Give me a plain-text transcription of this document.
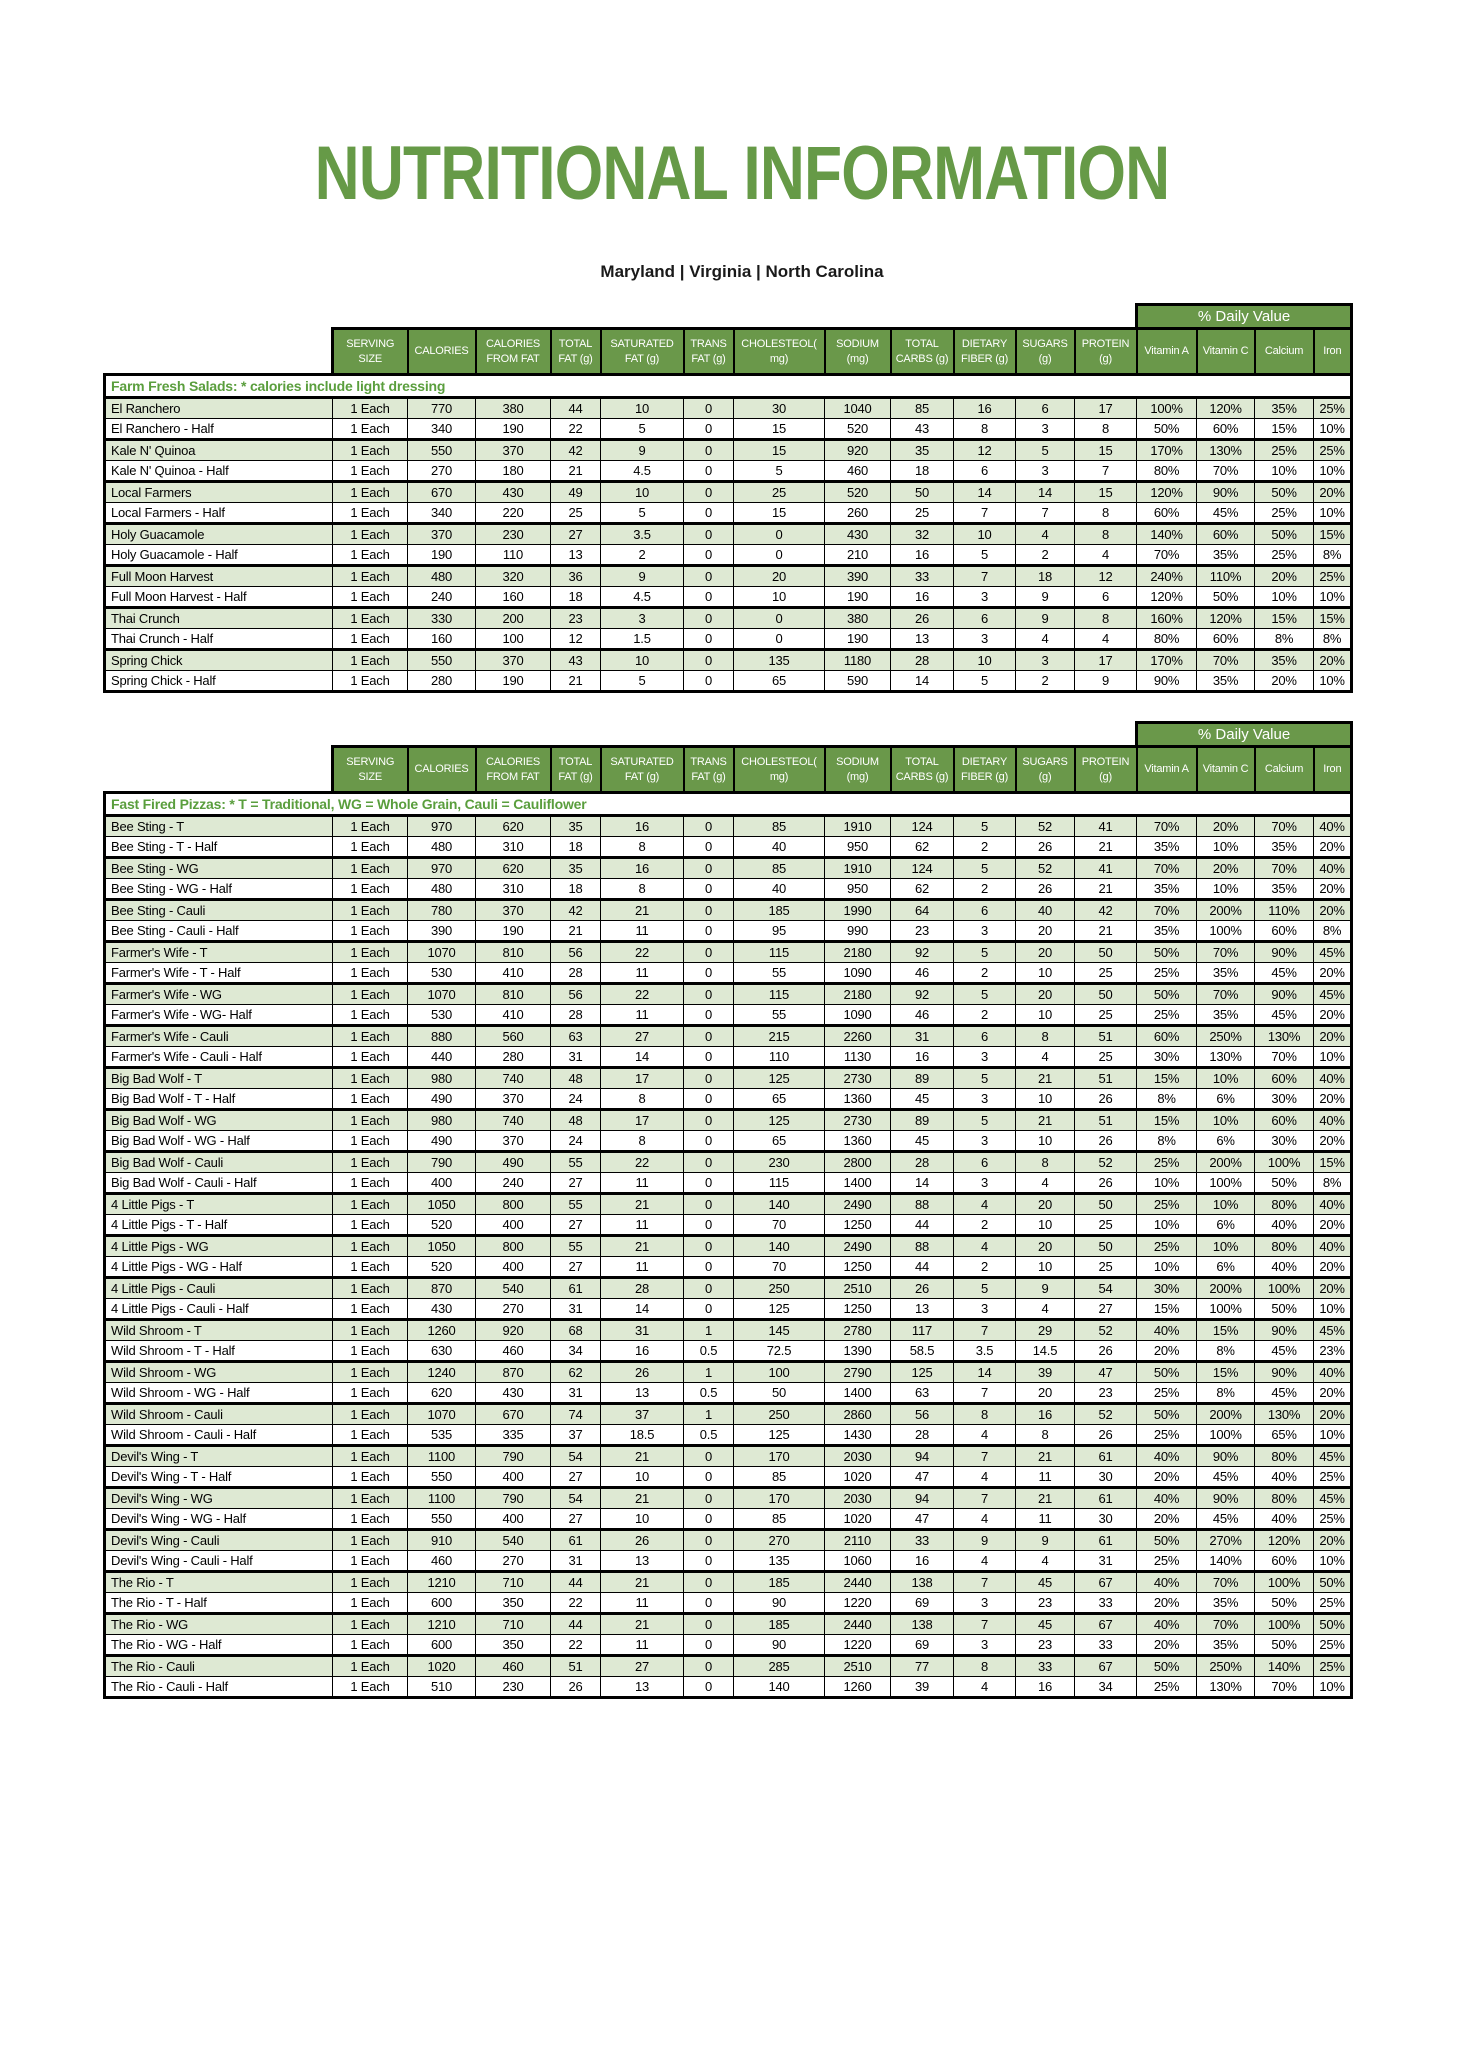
NUTRITIONAL INFORMATION
Maryland | Virginia | North Carolina
													% Daily Value			
	SERVING SIZE	CALORIES	CALORIES FROM FAT	TOTAL FAT (g)	SATURATED FAT (g)	TRANS FAT (g)	CHOLESTEOL( mg)	SODIUM (mg)	TOTAL CARBS (g)	DIETARY FIBER (g)	SUGARS (g)	PROTEIN (g)	Vitamin A	Vitamin C	Calcium	Iron
Farm Fresh Salads: * calories include light dressing																
El Ranchero	1 Each	770	380	44	10	0	30	1040	85	16	6	17	100%	120%	35%	25%
El Ranchero - Half	1 Each	340	190	22	5	0	15	520	43	8	3	8	50%	60%	15%	10%
Kale N' Quinoa	1 Each	550	370	42	9	0	15	920	35	12	5	15	170%	130%	25%	25%
Kale N' Quinoa - Half	1 Each	270	180	21	4.5	0	5	460	18	6	3	7	80%	70%	10%	10%
Local Farmers	1 Each	670	430	49	10	0	25	520	50	14	14	15	120%	90%	50%	20%
Local Farmers - Half	1 Each	340	220	25	5	0	15	260	25	7	7	8	60%	45%	25%	10%
Holy Guacamole	1 Each	370	230	27	3.5	0	0	430	32	10	4	8	140%	60%	50%	15%
Holy Guacamole - Half	1 Each	190	110	13	2	0	0	210	16	5	2	4	70%	35%	25%	8%
Full Moon Harvest	1 Each	480	320	36	9	0	20	390	33	7	18	12	240%	110%	20%	25%
Full Moon Harvest - Half	1 Each	240	160	18	4.5	0	10	190	16	3	9	6	120%	50%	10%	10%
Thai Crunch	1 Each	330	200	23	3	0	0	380	26	6	9	8	160%	120%	15%	15%
Thai Crunch - Half	1 Each	160	100	12	1.5	0	0	190	13	3	4	4	80%	60%	8%	8%
Spring Chick	1 Each	550	370	43	10	0	135	1180	28	10	3	17	170%	70%	35%	20%
Spring Chick - Half	1 Each	280	190	21	5	0	65	590	14	5	2	9	90%	35%	20%	10%
													% Daily Value			
	SERVING SIZE	CALORIES	CALORIES FROM FAT	TOTAL FAT (g)	SATURATED FAT (g)	TRANS FAT (g)	CHOLESTEOL( mg)	SODIUM (mg)	TOTAL CARBS (g)	DIETARY FIBER (g)	SUGARS (g)	PROTEIN (g)	Vitamin A	Vitamin C	Calcium	Iron
Fast Fired Pizzas: * T = Traditional, WG = Whole Grain, Cauli = Cauliflower																
Bee Sting - T	1 Each	970	620	35	16	0	85	1910	124	5	52	41	70%	20%	70%	40%
Bee Sting - T - Half	1 Each	480	310	18	8	0	40	950	62	2	26	21	35%	10%	35%	20%
Bee Sting - WG	1 Each	970	620	35	16	0	85	1910	124	5	52	41	70%	20%	70%	40%
Bee Sting - WG - Half	1 Each	480	310	18	8	0	40	950	62	2	26	21	35%	10%	35%	20%
Bee Sting - Cauli	1 Each	780	370	42	21	0	185	1990	64	6	40	42	70%	200%	110%	20%
Bee Sting - Cauli - Half	1 Each	390	190	21	11	0	95	990	23	3	20	21	35%	100%	60%	8%
Farmer's Wife - T	1 Each	1070	810	56	22	0	115	2180	92	5	20	50	50%	70%	90%	45%
Farmer's Wife - T - Half	1 Each	530	410	28	11	0	55	1090	46	2	10	25	25%	35%	45%	20%
Farmer's Wife - WG	1 Each	1070	810	56	22	0	115	2180	92	5	20	50	50%	70%	90%	45%
Farmer's Wife - WG- Half	1 Each	530	410	28	11	0	55	1090	46	2	10	25	25%	35%	45%	20%
Farmer's Wife - Cauli	1 Each	880	560	63	27	0	215	2260	31	6	8	51	60%	250%	130%	20%
Farmer's Wife - Cauli - Half	1 Each	440	280	31	14	0	110	1130	16	3	4	25	30%	130%	70%	10%
Big Bad Wolf - T	1 Each	980	740	48	17	0	125	2730	89	5	21	51	15%	10%	60%	40%
Big Bad Wolf - T - Half	1 Each	490	370	24	8	0	65	1360	45	3	10	26	8%	6%	30%	20%
Big Bad Wolf - WG	1 Each	980	740	48	17	0	125	2730	89	5	21	51	15%	10%	60%	40%
Big Bad Wolf - WG - Half	1 Each	490	370	24	8	0	65	1360	45	3	10	26	8%	6%	30%	20%
Big Bad Wolf - Cauli	1 Each	790	490	55	22	0	230	2800	28	6	8	52	25%	200%	100%	15%
Big Bad Wolf - Cauli - Half	1 Each	400	240	27	11	0	115	1400	14	3	4	26	10%	100%	50%	8%
4 Little Pigs - T	1 Each	1050	800	55	21	0	140	2490	88	4	20	50	25%	10%	80%	40%
4 Little Pigs - T - Half	1 Each	520	400	27	11	0	70	1250	44	2	10	25	10%	6%	40%	20%
4 Little Pigs - WG	1 Each	1050	800	55	21	0	140	2490	88	4	20	50	25%	10%	80%	40%
4 Little Pigs - WG - Half	1 Each	520	400	27	11	0	70	1250	44	2	10	25	10%	6%	40%	20%
4 Little Pigs - Cauli	1 Each	870	540	61	28	0	250	2510	26	5	9	54	30%	200%	100%	20%
4 Little Pigs - Cauli - Half	1 Each	430	270	31	14	0	125	1250	13	3	4	27	15%	100%	50%	10%
Wild Shroom - T	1 Each	1260	920	68	31	1	145	2780	117	7	29	52	40%	15%	90%	45%
Wild Shroom - T - Half	1 Each	630	460	34	16	0.5	72.5	1390	58.5	3.5	14.5	26	20%	8%	45%	23%
Wild Shroom - WG	1 Each	1240	870	62	26	1	100	2790	125	14	39	47	50%	15%	90%	40%
Wild Shroom - WG - Half	1 Each	620	430	31	13	0.5	50	1400	63	7	20	23	25%	8%	45%	20%
Wild Shroom - Cauli	1 Each	1070	670	74	37	1	250	2860	56	8	16	52	50%	200%	130%	20%
Wild Shroom - Cauli - Half	1 Each	535	335	37	18.5	0.5	125	1430	28	4	8	26	25%	100%	65%	10%
Devil's Wing - T	1 Each	1100	790	54	21	0	170	2030	94	7	21	61	40%	90%	80%	45%
Devil's Wing - T - Half	1 Each	550	400	27	10	0	85	1020	47	4	11	30	20%	45%	40%	25%
Devil's Wing - WG	1 Each	1100	790	54	21	0	170	2030	94	7	21	61	40%	90%	80%	45%
Devil's Wing - WG - Half	1 Each	550	400	27	10	0	85	1020	47	4	11	30	20%	45%	40%	25%
Devil's Wing - Cauli	1 Each	910	540	61	26	0	270	2110	33	9	9	61	50%	270%	120%	20%
Devil's Wing - Cauli - Half	1 Each	460	270	31	13	0	135	1060	16	4	4	31	25%	140%	60%	10%
The Rio - T	1 Each	1210	710	44	21	0	185	2440	138	7	45	67	40%	70%	100%	50%
The Rio - T - Half	1 Each	600	350	22	11	0	90	1220	69	3	23	33	20%	35%	50%	25%
The Rio - WG	1 Each	1210	710	44	21	0	185	2440	138	7	45	67	40%	70%	100%	50%
The Rio - WG - Half	1 Each	600	350	22	11	0	90	1220	69	3	23	33	20%	35%	50%	25%
The Rio - Cauli	1 Each	1020	460	51	27	0	285	2510	77	8	33	67	50%	250%	140%	25%
The Rio - Cauli - Half	1 Each	510	230	26	13	0	140	1260	39	4	16	34	25%	130%	70%	10%
